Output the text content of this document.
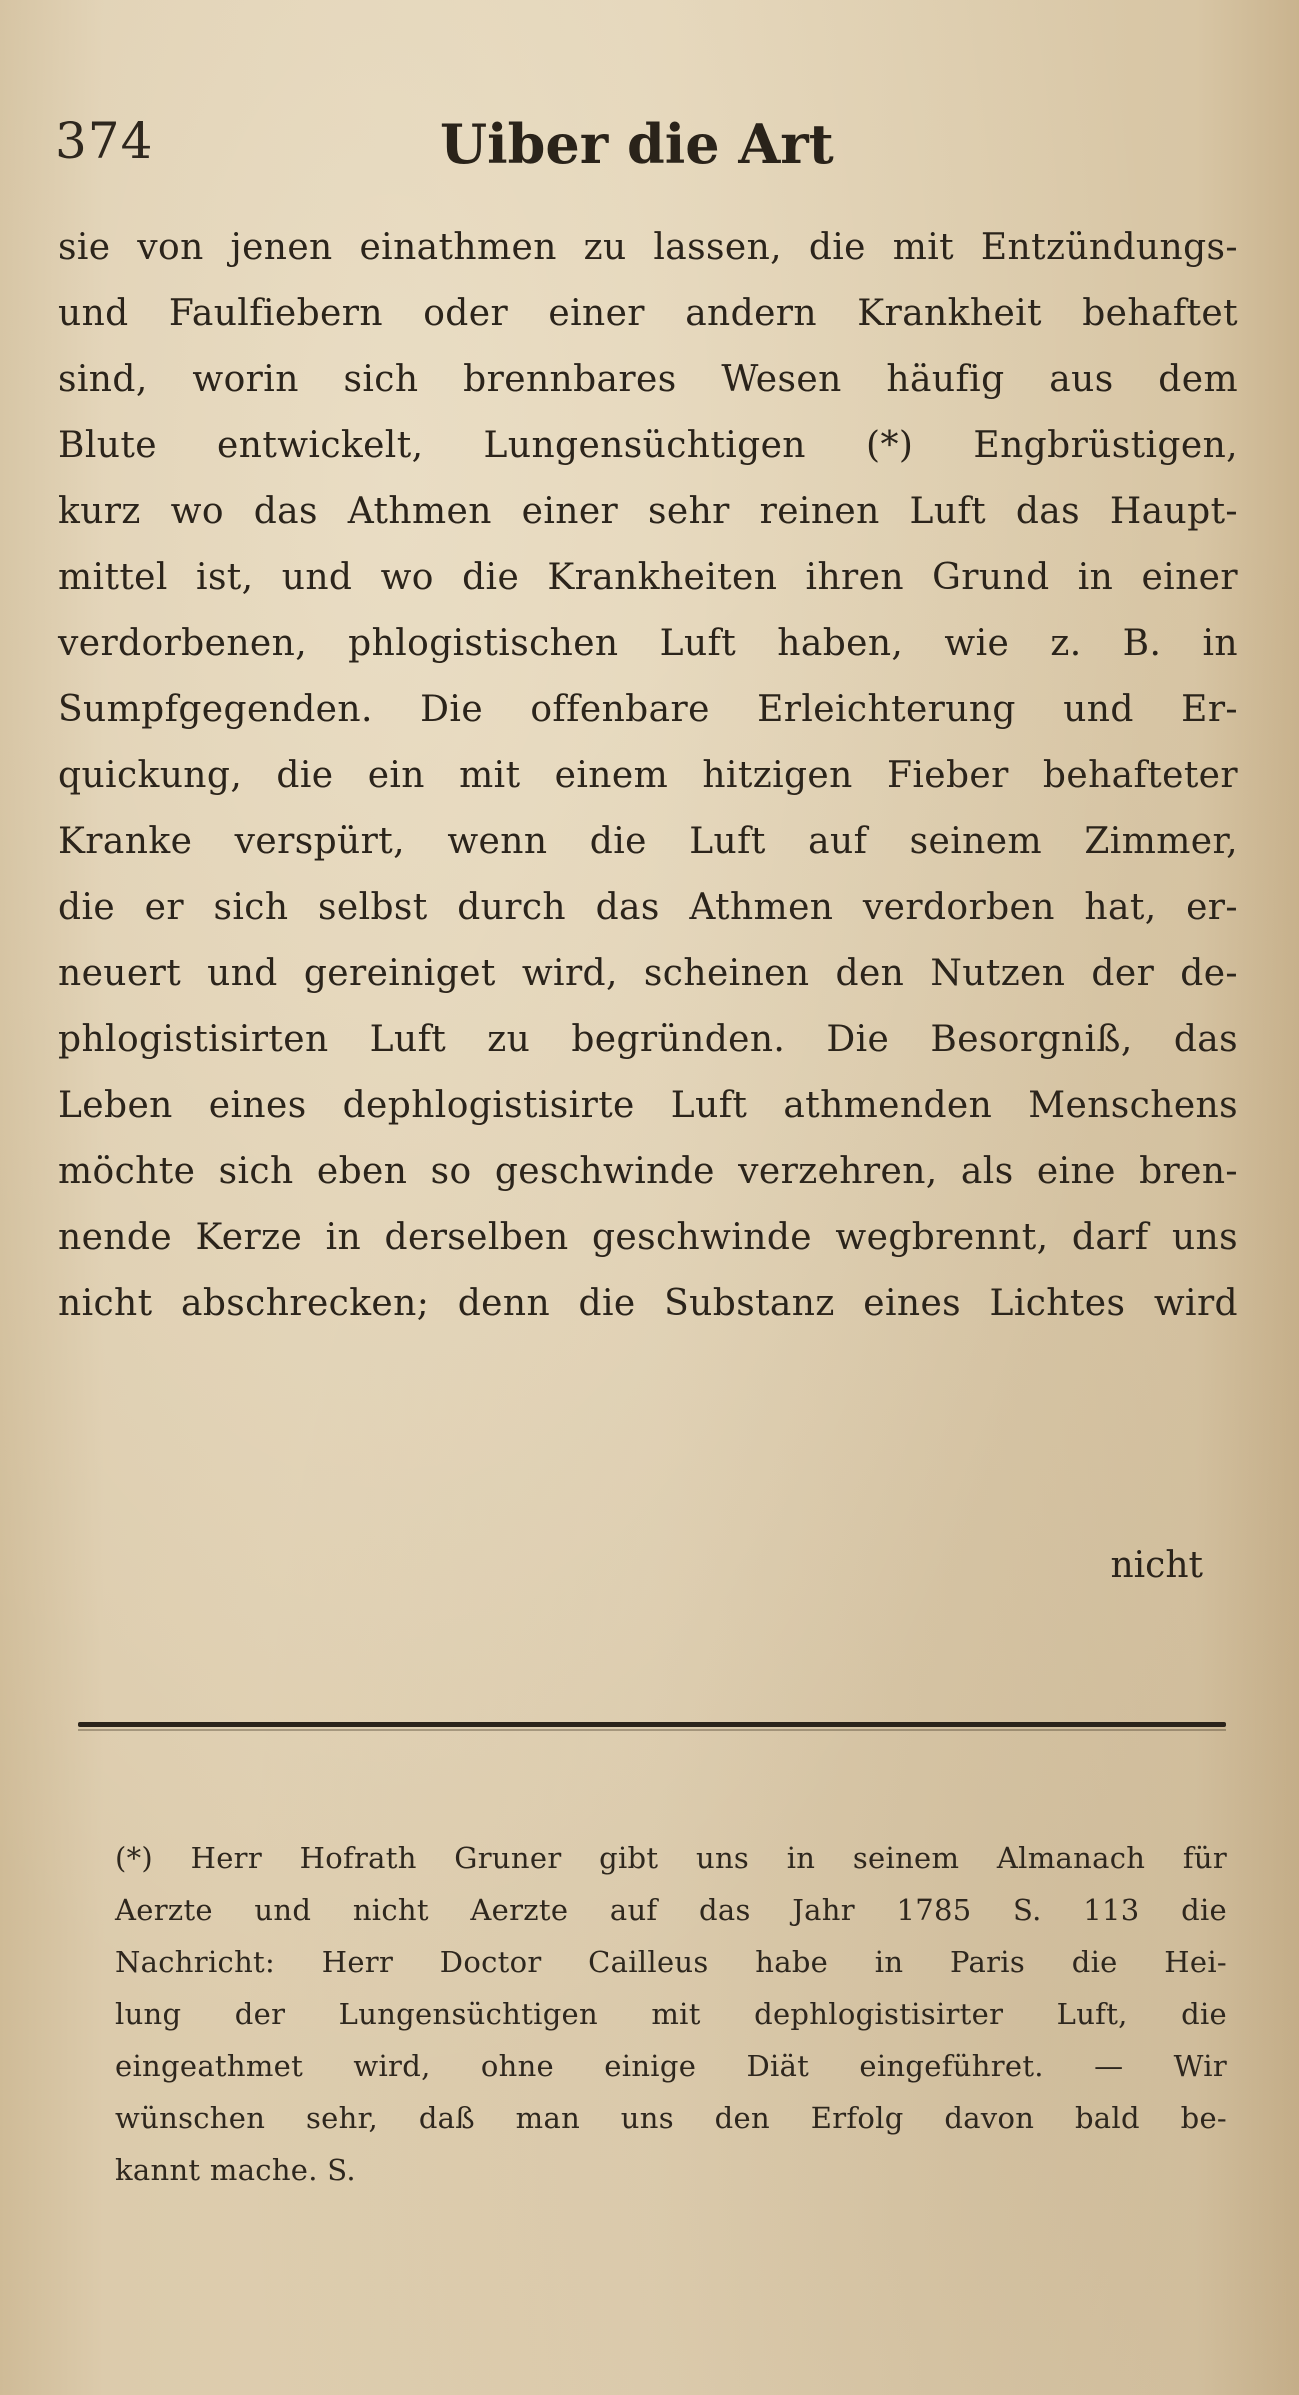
374	Uiber die Art
sie von jenen einathmen zu lassen, die mit Entzündungs-
und Faulfiebern oder einer andern Krankheit behaftet
sind, worin sich brennbares Wesen häufig aus dem
Blute entwickelt, Lungensüchtigen (*) Engbrüstigen,
kurz wo das Athmen einer sehr reinen Luft das Haupt-
mittel ist, und wo die Krankheiten ihren Grund in einer
verdorbenen, phlogistischen Luft haben, wie z. B. in
Sumpfgegenden. Die offenbare Erleichterung und Er-
quickung, die ein mit einem hitzigen Fieber behafteter
Kranke verspürt, wenn die Luft auf seinem Zimmer,
die er sich selbst durch das Athmen verdorben hat, er-
neuert und gereiniget wird, scheinen den Nutzen der de-
phlogistisirten Luft zu begründen. Die Besorgniß, das
Leben eines dephlogistisirte Luft athmenden Menschens
möchte sich eben so geschwinde verzehren, als eine bren-
nende Kerze in derselben geschwinde wegbrennt, darf uns
nicht abschrecken; denn die Substanz eines Lichtes wird
nicht
(*) Herr Hofrath Gruner gibt uns in seinem Almanach für
Aerzte und nicht Aerzte auf das Jahr 1785 S. 113 die
Nachricht: Herr Doctor Cailleus habe in Paris die Hei-
lung der Lungensüchtigen mit dephlogistisirter Luft, die
eingeathmet wird, ohne einige Diät eingeführet. — Wir
wünschen sehr, daß man uns den Erfolg davon bald be-
kannt mache. S.
